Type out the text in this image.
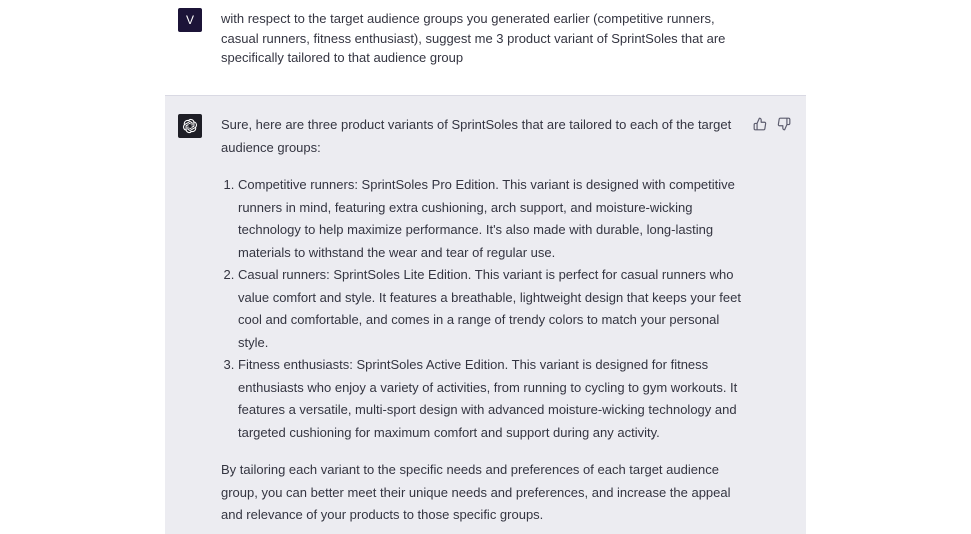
V with respect to the target audience groups you generated earlier (competitive runners, casual runners, fitness enthusiast), suggest me 3 product variant of SprintSoles that are specifically tailored to that audience group

Sure, here are three product variants of SprintSoles that are tailored to each of the target audience groups:

1. Competitive runners: SprintSoles Pro Edition. This variant is designed with competitive runners in mind, featuring extra cushioning, arch support, and moisture-wicking technology to help maximize performance. It's also made with durable, long-lasting materials to withstand the wear and tear of regular use.
2. Casual runners: SprintSoles Lite Edition. This variant is perfect for casual runners who value comfort and style. It features a breathable, lightweight design that keeps your feet cool and comfortable, and comes in a range of trendy colors to match your personal style.
3. Fitness enthusiasts: SprintSoles Active Edition. This variant is designed for fitness enthusiasts who enjoy a variety of activities, from running to cycling to gym workouts. It features a versatile, multi-sport design with advanced moisture-wicking technology and targeted cushioning for maximum comfort and support during any activity.

By tailoring each variant to the specific needs and preferences of each target audience group, you can better meet their unique needs and preferences, and increase the appeal and relevance of your products to those specific groups.
